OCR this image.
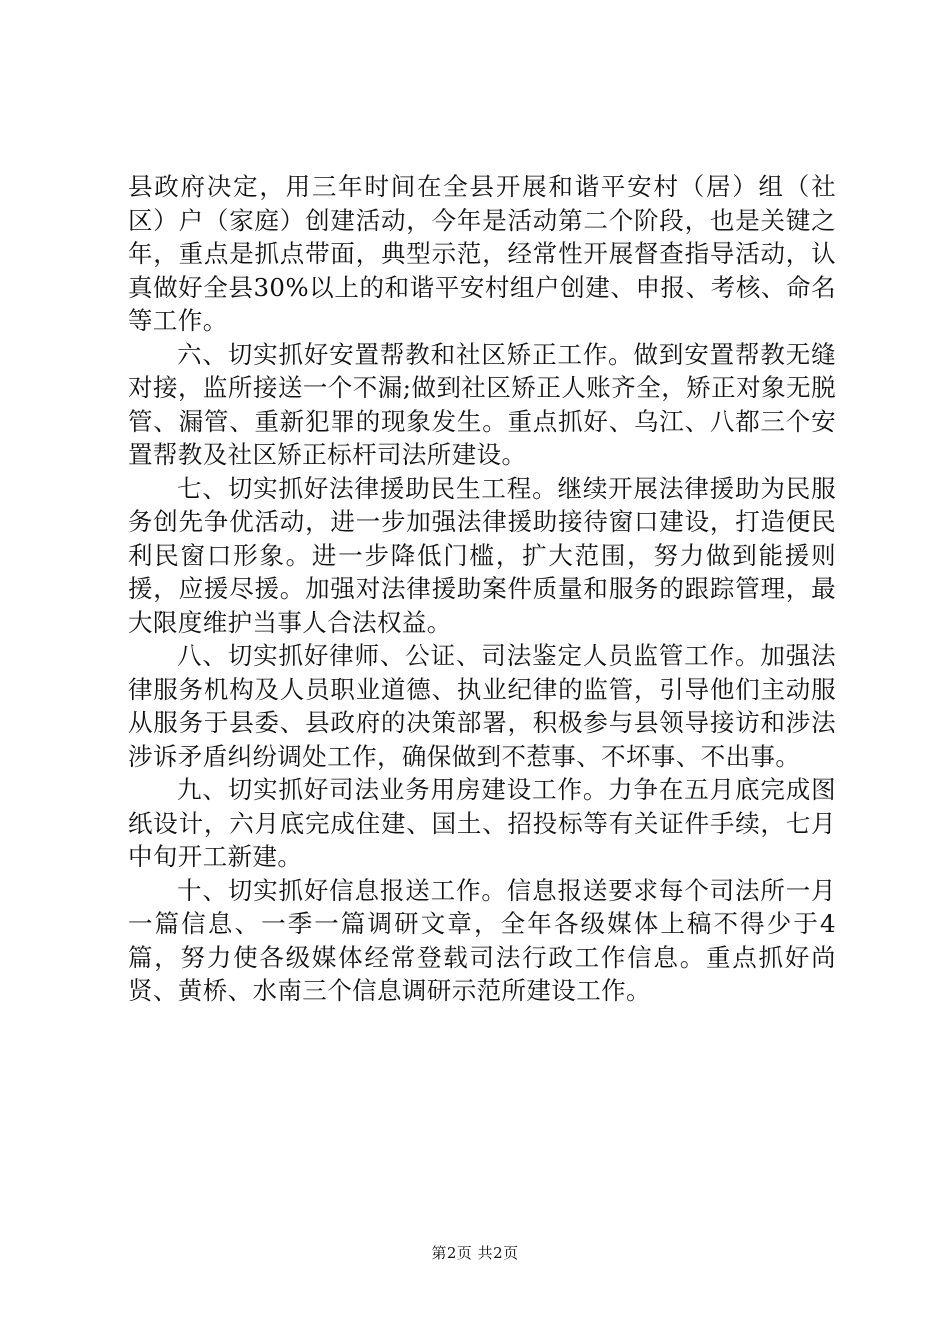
县政府决定，用三年时间在全县开展和谐平安村（居）组（社区）户（家庭）创建活动，今年是活动第二个阶段，也是关键之年，重点是抓点带面，典型示范，经常性开展督查指导活动，认真做好全县30%以上的和谐平安村组户创建、申报、考核、命名等工作。

六、切实抓好安置帮教和社区矫正工作。做到安置帮教无缝对接，监所接送一个不漏;做到社区矫正人账齐全，矫正对象无脱管、漏管、重新犯罪的现象发生。重点抓好、乌江、八都三个安置帮教及社区矫正标杆司法所建设。

七、切实抓好法律援助民生工程。继续开展法律援助为民服务创先争优活动，进一步加强法律援助接待窗口建设，打造便民利民窗口形象。进一步降低门槛，扩大范围，努力做到能援则援，应援尽援。加强对法律援助案件质量和服务的跟踪管理，最大限度维护当事人合法权益。

八、切实抓好律师、公证、司法鉴定人员监管工作。加强法律服务机构及人员职业道德、执业纪律的监管，引导他们主动服从服务于县委、县政府的决策部署，积极参与县领导接访和涉法涉诉矛盾纠纷调处工作，确保做到不惹事、不坏事、不出事。

九、切实抓好司法业务用房建设工作。力争在五月底完成图纸设计，六月底完成住建、国土、招投标等有关证件手续，七月中旬开工新建。

十、切实抓好信息报送工作。信息报送要求每个司法所一月一篇信息、一季一篇调研文章，全年各级媒体上稿不得少于4篇，努力使各级媒体经常登载司法行政工作信息。重点抓好尚贤、黄桥、水南三个信息调研示范所建设工作。

第2页 共2页
